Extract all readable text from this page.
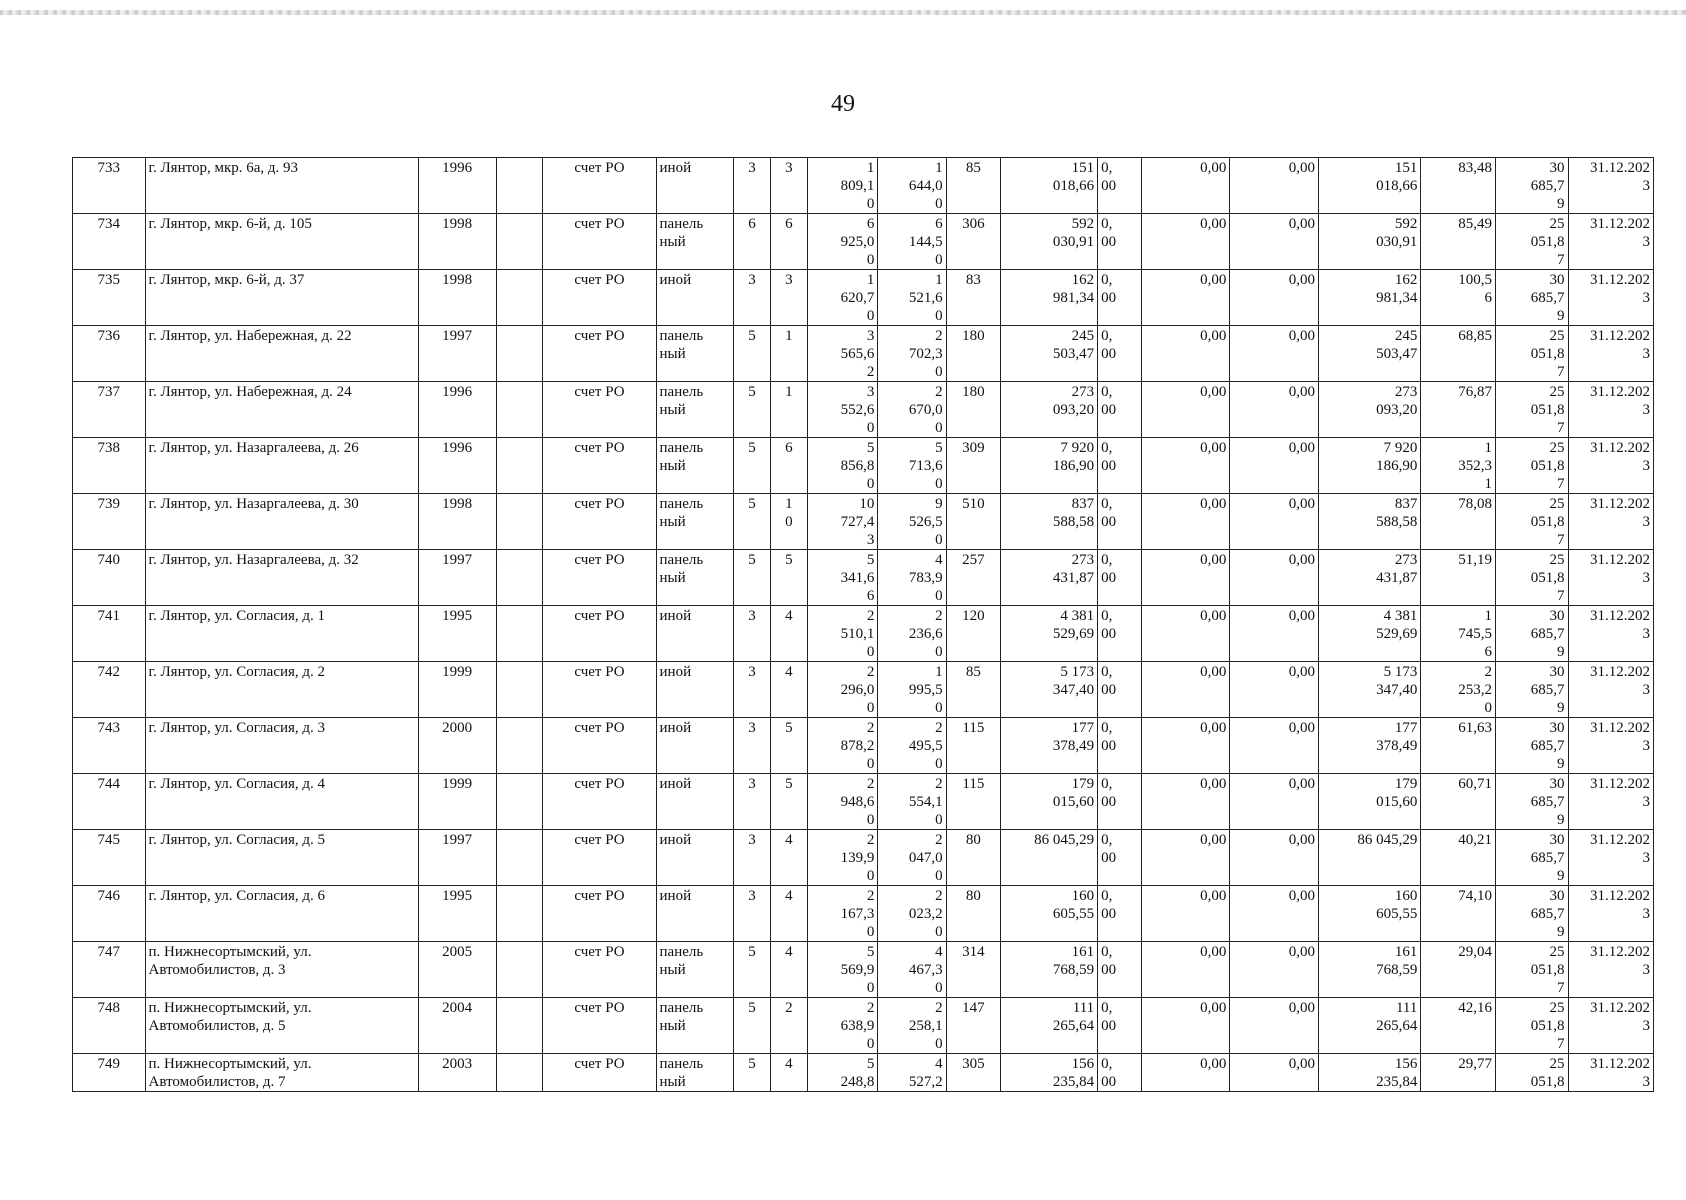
49
733	г. Лянтор, мкр. 6а, д. 93	1996		счет РО	иной	3	3	1
809,1
0	1
644,0
0	85	151
018,66	0,
00	0,00	0,00	151
018,66	83,48	30
685,7
9	31.12.202
3
734	г. Лянтор, мкр. 6-й, д. 105	1998		счет РО	панель
ный	6	6	6
925,0
0	6
144,5
0	306	592
030,91	0,
00	0,00	0,00	592
030,91	85,49	25
051,8
7	31.12.202
3
735	г. Лянтор, мкр. 6-й, д. 37	1998		счет РО	иной	3	3	1
620,7
0	1
521,6
0	83	162
981,34	0,
00	0,00	0,00	162
981,34	100,5
6	30
685,7
9	31.12.202
3
736	г. Лянтор, ул. Набережная, д. 22	1997		счет РО	панель
ный	5	1	3
565,6
2	2
702,3
0	180	245
503,47	0,
00	0,00	0,00	245
503,47	68,85	25
051,8
7	31.12.202
3
737	г. Лянтор, ул. Набережная, д. 24	1996		счет РО	панель
ный	5	1	3
552,6
0	2
670,0
0	180	273
093,20	0,
00	0,00	0,00	273
093,20	76,87	25
051,8
7	31.12.202
3
738	г. Лянтор, ул. Назаргалеева, д. 26	1996		счет РО	панель
ный	5	6	5
856,8
0	5
713,6
0	309	7 920
186,90	0,
00	0,00	0,00	7 920
186,90	1
352,3
1	25
051,8
7	31.12.202
3
739	г. Лянтор, ул. Назаргалеева, д. 30	1998		счет РО	панель
ный	5	1
0	10
727,4
3	9
526,5
0	510	837
588,58	0,
00	0,00	0,00	837
588,58	78,08	25
051,8
7	31.12.202
3
740	г. Лянтор, ул. Назаргалеева, д. 32	1997		счет РО	панель
ный	5	5	5
341,6
6	4
783,9
0	257	273
431,87	0,
00	0,00	0,00	273
431,87	51,19	25
051,8
7	31.12.202
3
741	г. Лянтор, ул. Согласия, д. 1	1995		счет РО	иной	3	4	2
510,1
0	2
236,6
0	120	4 381
529,69	0,
00	0,00	0,00	4 381
529,69	1
745,5
6	30
685,7
9	31.12.202
3
742	г. Лянтор, ул. Согласия, д. 2	1999		счет РО	иной	3	4	2
296,0
0	1
995,5
0	85	5 173
347,40	0,
00	0,00	0,00	5 173
347,40	2
253,2
0	30
685,7
9	31.12.202
3
743	г. Лянтор, ул. Согласия, д. 3	2000		счет РО	иной	3	5	2
878,2
0	2
495,5
0	115	177
378,49	0,
00	0,00	0,00	177
378,49	61,63	30
685,7
9	31.12.202
3
744	г. Лянтор, ул. Согласия, д. 4	1999		счет РО	иной	3	5	2
948,6
0	2
554,1
0	115	179
015,60	0,
00	0,00	0,00	179
015,60	60,71	30
685,7
9	31.12.202
3
745	г. Лянтор, ул. Согласия, д. 5	1997		счет РО	иной	3	4	2
139,9
0	2
047,0
0	80	86 045,29	0,
00	0,00	0,00	86 045,29	40,21	30
685,7
9	31.12.202
3
746	г. Лянтор, ул. Согласия, д. 6	1995		счет РО	иной	3	4	2
167,3
0	2
023,2
0	80	160
605,55	0,
00	0,00	0,00	160
605,55	74,10	30
685,7
9	31.12.202
3
747	п. Нижнесортымский, ул. Автомобилистов, д. 3	2005		счет РО	панель
ный	5	4	5
569,9
0	4
467,3
0	314	161
768,59	0,
00	0,00	0,00	161
768,59	29,04	25
051,8
7	31.12.202
3
748	п. Нижнесортымский, ул. Автомобилистов, д. 5	2004		счет РО	панель
ный	5	2	2
638,9
0	2
258,1
0	147	111
265,64	0,
00	0,00	0,00	111
265,64	42,16	25
051,8
7	31.12.202
3
749	п. Нижнесортымский, ул. Автомобилистов, д. 7	2003		счет РО	панель
ный	5	4	5
248,8	4
527,2	305	156
235,84	0,
00	0,00	0,00	156
235,84	29,77	25
051,8	31.12.202
3
